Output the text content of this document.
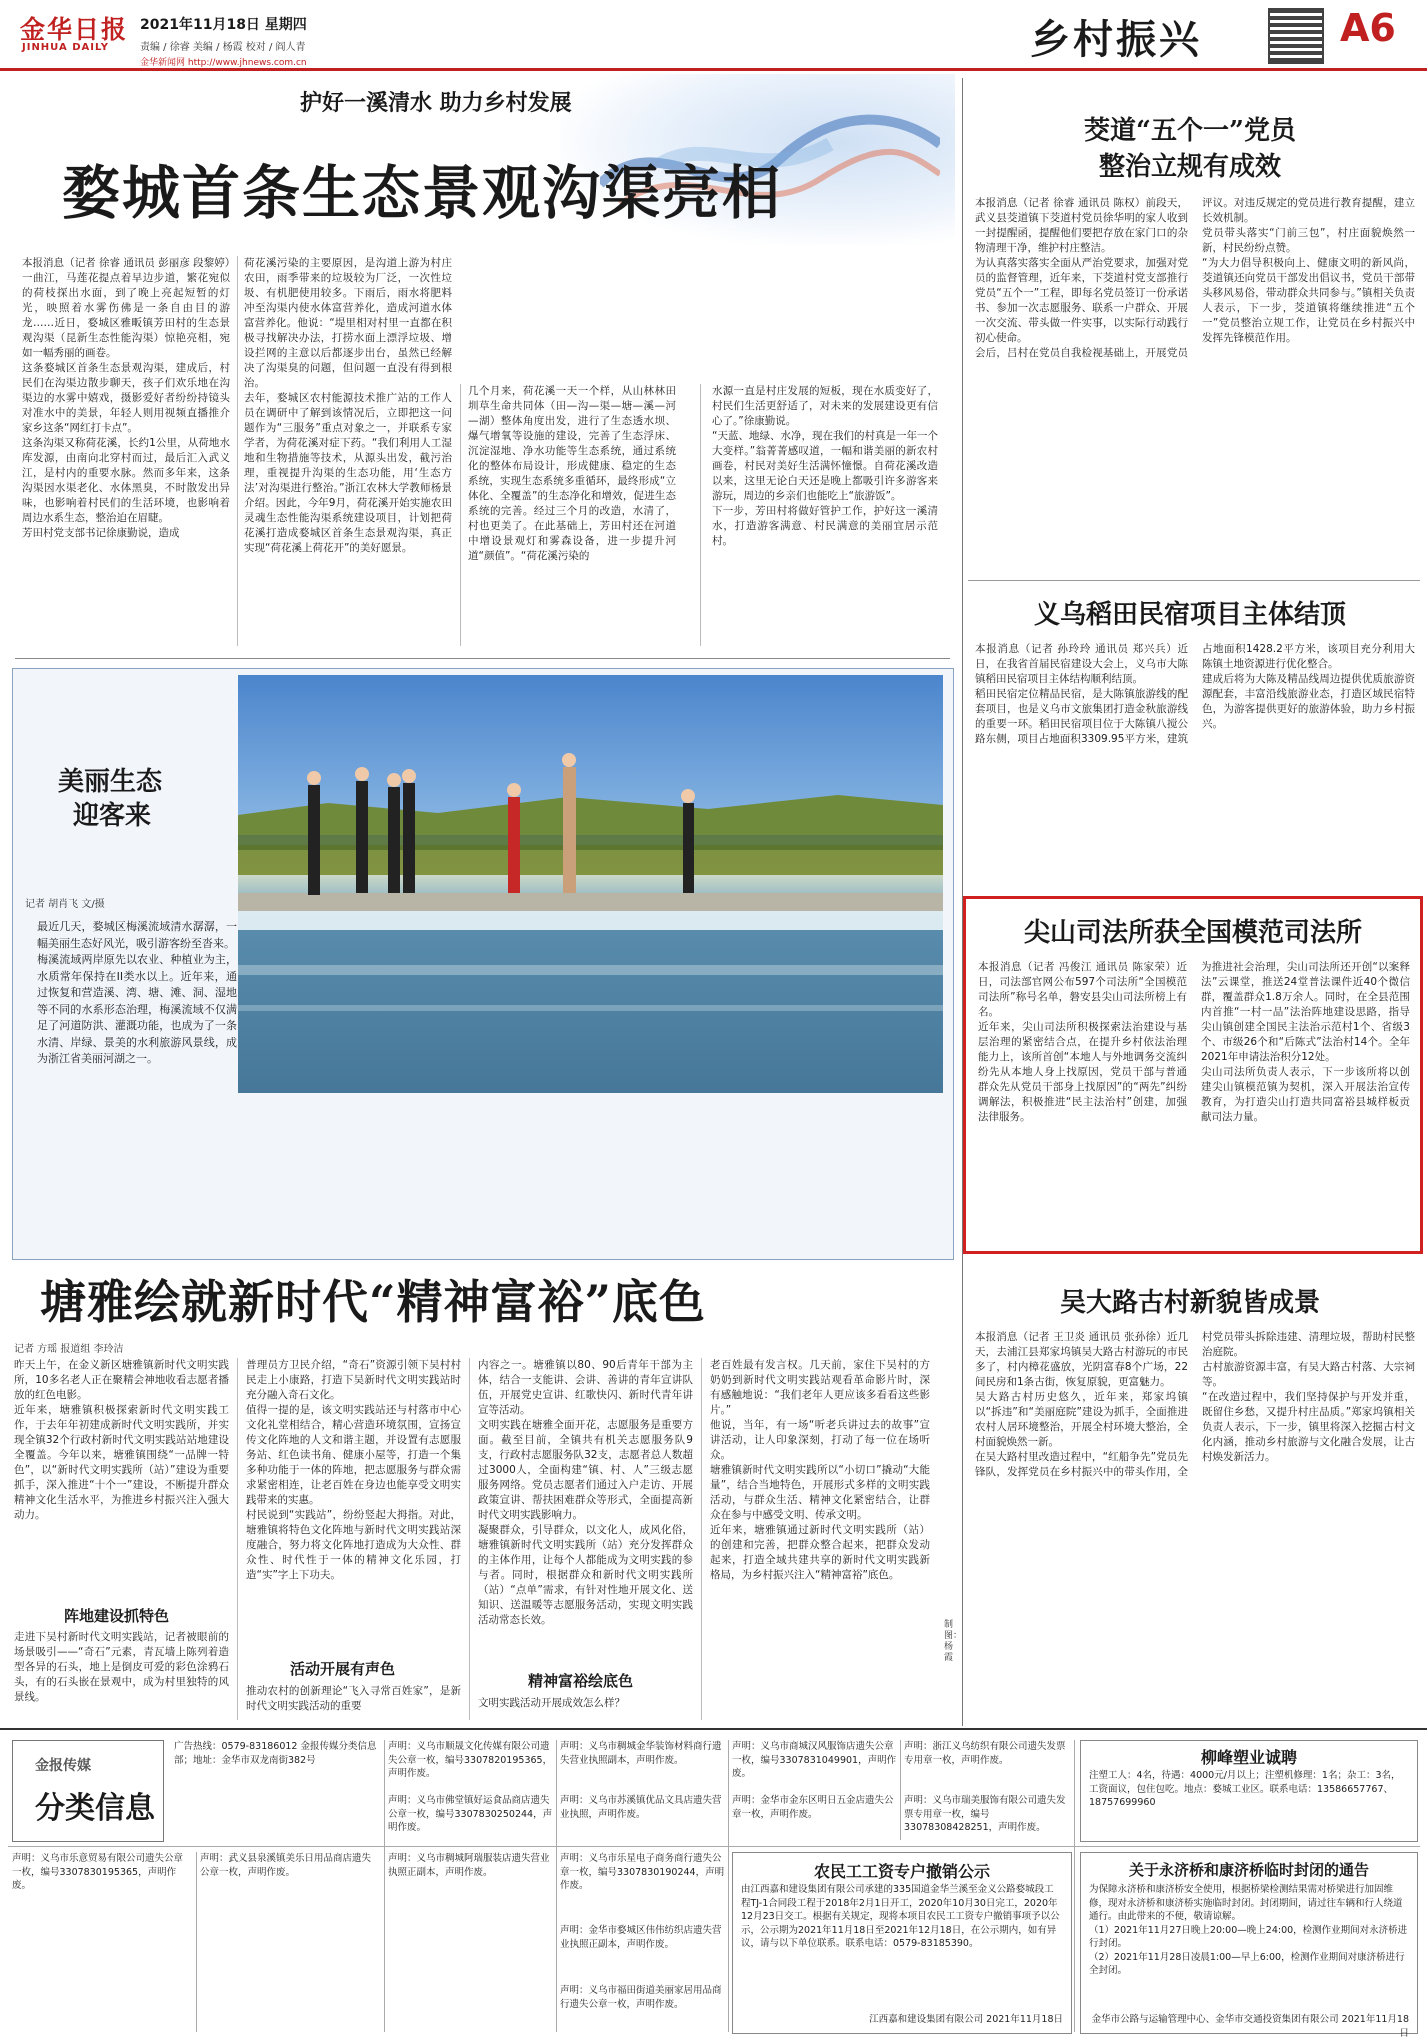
金华日报
JINHUA DAILY
2021年11月18日 星期四
责编 / 徐睿 美编 / 杨霞 校对 / 阎人青
金华新闻网 http://www.jhnews.com.cn	乡村振兴	A6
护好一溪清水 助力乡村发展
婺城首条生态景观沟渠亮相
本报消息（记者 徐睿 通讯员 彭丽彦 段黎婷）一曲江，马莲花提点着早边步道，繁花宛似的荷枝探出水面，到了晚上亮起短暂的灯光，映照着水雾伤佛是一条自由目的游龙……近日，婺城区雅畈镇芳田村的生态景观沟渠（昆新生态性能沟渠）惊艳亮相，宛如一幅秀丽的画卷。
这条婺城区首条生态景观沟渠，建成后，村民们在沟渠边散步聊天，孩子们欢乐地在沟渠边的水雾中嬉戏，摄影爱好者纷纷持镜头对准水中的美景，年轻人则用视频直播推介家乡这条“网红打卡点”。
这条沟渠又称荷花溪，长约1公里，从荷地水库发源，由南向北穿村而过，最后汇入武义江，是村内的重要水脉。然而多年来，这条沟渠因水渠老化、水体黑臭，不时散发出异味，也影响着村民们的生活环境，也影响着周边水系生态，整治迫在眉睫。
芳田村党支部书记徐康勤说，造成
荷花溪污染的主要原因，是沟道上游为村庄农田，雨季带来的垃圾较为厂泛，一次性垃圾、有机肥使用较多。下雨后，雨水将肥料冲至沟渠内使水体富营养化，造成河道水体富营养化。他说：“堤里相对村里一直都在积极寻找解决办法，打捞水面上漂浮垃圾、增设拦网的主意以后都逐步出台，虽然已经解决了沟渠臭的问题，但问题一直没有得到根治。
去年，婺城区农村能源技术推广站的工作人员在调研中了解到该情况后，立即把这一问题作为“三服务”重点对象之一，并联系专家学者，为荷花溪对症下药。“我们利用人工湿地和生物措施等技术，从源头出发，截污治理，重视提升沟渠的生态功能，用‘生态方法’对沟渠进行整治。”浙江农林大学教师杨景介绍。因此，今年9月，荷花溪开始实施农田灵魂生态性能沟渠系统建设项目，计划把荷花溪打造成婺城区首条生态景观沟渠，真正实现“荷花溪上荷花开”的美好愿景。
几个月来，荷花溪一天一个样，从山林林田圳草生命共同体（田—沟—渠—塘—溪—河—湖）整体角度出发，进行了生态透水坝、爆气增氧等设施的建设，完善了生态浮床、沉淀湿地、净水功能等生态系统，通过系统化的整体布局设计，形成健康、稳定的生态系统，实现生态系统多重循环，最终形成“立体化、全覆盖”的生态净化和增效，促进生态系统的完善。经过三个月的改造，水清了，村也更美了。在此基础上，芳田村还在河道中增设景观灯和雾森设备，进一步提升河道“颜值”。“荷花溪污染的
水源一直是村庄发展的短板，现在水质变好了，村民们生活更舒适了，对未来的发展建设更有信心了。”徐康勤说。
“天蓝、地绿、水净，现在我们的村真是一年一个大变样。”翁菁菁感叹道，一幅和谐美丽的新农村画卷，村民对美好生活满怀憧憬。自荷花溪改造以来，这里无论白天还是晚上都吸引许多游客来游玩，周边的乡亲们也能吃上“旅游饭”。
下一步，芳田村将做好管护工作，护好这一溪清水，打造游客满意、村民满意的美丽宜居示范村。
美丽生态
迎客来
记者 胡肖飞 文/摄
最近几天，婺城区梅溪流域清水潺潺，一幅美丽生态好风光，吸引游客纷至沓来。
梅溪流域两岸原先以农业、种植业为主，水质常年保持在II类水以上。近年来，通过恢复和营造溪、湾、塘、滩、洞、湿地等不同的水系形态治理，梅溪流域不仅满足了河道防洪、灌溉功能，也成为了一条水清、岸绿、景美的水利旅游风景线，成为浙江省美丽河湖之一。
塘雅绘就新时代“精神富裕”底色
记者 方瑶 报道组 李玲洁
昨天上午，在金义新区塘雅镇新时代文明实践所，10多名老人正在聚精会神地收看志愿者播放的红色电影。
近年来，塘雅镇积极探索新时代文明实践工作，于去年年初建成新时代文明实践所，并实现全镇32个行政村新时代文明实践站站地建设全覆盖。今年以来，塘雅镇围绕“一品牌一特色”，以“新时代文明实践所（站）”建设为重要抓手，深入推进“十个一”建设，不断提升群众精神文化生活水平，为推进乡村振兴注入强大动力。
阵地建设抓特色
走进下吴村新时代文明实践站，记者被眼前的场景吸引——“奇石”元素，青瓦墙上陈列着造型各异的石头，地上是倒皮可爱的彩色涂鸦石头，有的石头嵌在景观中，成为村里独特的风景线。
普理员方卫民介绍，“奇石”资源引领下吴村村民走上小康路，打造下吴新时代文明实践站时充分融入奇石文化。
值得一提的是，该文明实践站还与村落市中心文化礼堂相结合，精心营造环境氛围，宣扬宣传文化阵地的人文和谐主题，并设置有志愿服务站、红色读书角、健康小屋等，打造一个集多种功能于一体的阵地，把志愿服务与群众需求紧密相连，让老百姓在身边也能享受文明实践带来的实惠。
村民说到“实践站”，纷纷竖起大拇指。对此，塘雅镇将特色文化阵地与新时代文明实践站深度融合，努力将文化阵地打造成为大众性、群众性、时代性于一体的精神文化乐园，打造“实”字上下功夫。
活动开展有声色
推动农村的创新理论“飞入寻常百姓家”，是新时代文明实践活动的重要
内容之一。塘雅镇以80、90后青年干部为主体，结合一支能讲、会讲、善讲的青年宣讲队伍，开展党史宣讲、红歌快闪、新时代青年讲宣等活动。
文明实践在塘雅全面开花，志愿服务是重要方面。截至目前，全镇共有机关志愿服务队9支，行政村志愿服务队32支，志愿者总人数超过3000人，全面构建“镇、村、人”三级志愿服务网络。党员志愿者们通过入户走访、开展政策宣讲、帮扶困难群众等形式，全面提高新时代文明实践影响力。
凝聚群众，引导群众，以文化人，成风化俗，塘雅镇新时代文明实践所（站）充分发挥群众的主体作用，让每个人都能成为文明实践的参与者。同时，根据群众和新时代文明实践所（站）“点单”需求，有针对性地开展文化、送知识、送温暖等志愿服务活动，实现文明实践活动常态长效。
精神富裕绘底色
文明实践活动开展成效怎么样？
老百姓最有发言权。几天前，家住下吴村的方奶奶到新时代文明实践站观看革命影片时，深有感触地说：“我们老年人更应该多看看这些影片。”
他说，当年，有一场“听老兵讲过去的故事”宣讲活动，让人印象深刻，打动了每一位在场听众。
塘雅镇新时代文明实践所以“小切口”撬动“大能量”，结合当地特色，开展形式多样的文明实践活动，与群众生活、精神文化紧密结合，让群众在参与中感受文明、传承文明。
近年来，塘雅镇通过新时代文明实践所（站）的创建和完善，把群众整合起来，把群众发动起来，打造全域共建共享的新时代文明实践新格局，为乡村振兴注入“精神富裕”底色。
茭道“五个一”党员
整治立规有成效
本报消息（记者 徐睿 通讯员 陈权）前段天，武义县茭道镇下茭道村党员徐华明的家人收到一封提醒函，提醒他们要把存放在家门口的杂物清理干净，维护村庄整洁。
为认真落实落实全面从严治党要求，加强对党员的监督管理，近年来，下茭道村党支部推行党员“五个一”工程，即每名党员签订一份承诺书、参加一次志愿服务、联系一户群众、开展一次交流、带头做一件实事，以实际行动践行初心使命。
会后，吕村在党员自我检视基础上，开展党员评议。对违反规定的党员进行教育提醒，建立长效机制。
党员带头落实“门前三包”，村庄面貌焕然一新，村民纷纷点赞。
“为大力倡导积极向上、健康文明的新风尚，茭道镇还向党员干部发出倡议书，党员干部带头移风易俗，带动群众共同参与。”镇相关负责人表示，下一步，茭道镇将继续推进“五个一”党员整治立规工作，让党员在乡村振兴中发挥先锋模范作用。
义乌稻田民宿项目主体结顶
本报消息（记者 孙玲玲 通讯员 郑兴兵）近日，在我省首届民宿建设大会上，义乌市大陈镇稻田民宿项目主体结构顺利结顶。
稻田民宿定位精品民宿，是大陈镇旅游线的配套项目，也是义乌市文旅集团打造金秋旅游线的重要一环。稻田民宿项目位于大陈镇八搅公路东侧，项目占地面积3309.95平方米，建筑占地面积1428.2平方米，该项目充分利用大陈镇土地资源进行优化整合。
建成后将为大陈及精品线周边提供优质旅游资源配套，丰富沿线旅游业态，打造区域民宿特色，为游客提供更好的旅游体验，助力乡村振兴。
尖山司法所获全国模范司法所
本报消息（记者 冯俊江 通讯员 陈家荣）近日，司法部官网公布597个司法所“全国模范司法所”称号名单，磐安县尖山司法所榜上有名。
近年来，尖山司法所积极探索法治建设与基层治理的紧密结合点，在提升乡村依法治理能力上，该所首创“本地人与外地调务交流纠纷先从本地人身上找原因，党员干部与普通群众先从党员干部身上找原因”的“两先”纠纷调解法，积极推进“民主法治村”创建，加强法律服务。
为推进社会治理，尖山司法所还开创“以案释法”云课堂，推送24堂普法课件近40个微信群，覆盖群众1.8万余人。同时，在全县范围内首推“一村一品”法治阵地建设思路，指导尖山镇创建全国民主法治示范村1个、省级3个、市级26个和“后陈式”法治村14个。全年2021年申请法治积分12处。
尖山司法所负责人表示，下一步该所将以创建尖山镇模范镇为契机，深入开展法治宣传教育，为打造尖山打造共同富裕县城样板贡献司法力量。
吴大路古村新貌皆成景
本报消息（记者 王卫炎 通讯员 张孙徐）近几天，去浦江县郑家坞镇吴大路古村游玩的市民多了，村内樟花盛放，光阴富春8个广场，22间民房和1条古街，恢复原貌，更富魅力。
吴大路古村历史悠久，近年来，郑家坞镇以“拆违”和“美丽庭院”建设为抓手，全面推进农村人居环境整治，开展全村环境大整治，全村面貌焕然一新。
在吴大路村里改造过程中，“红船争先”党员先锋队，发挥党员在乡村振兴中的带头作用，全村党员带头拆除违建、清理垃圾，帮助村民整治庭院。
古村旅游资源丰富，有吴大路古村落、大宗祠等。
“在改造过程中，我们坚持保护与开发并重，既留住乡愁，又提升村庄品质。”郑家坞镇相关负责人表示，下一步，镇里将深入挖掘古村文化内涵，推动乡村旅游与文化融合发展，让古村焕发新活力。
制图：杨霞
金报传媒
分类信息
广告热线：0579-83186012 金报传媒分类信息部；地址：金华市双龙南街382号
声明：义乌市顺晟文化传媒有限公司遗失公章一枚，编号3307820195365，声明作废。
声明：义乌市稠城金华装饰材料商行遗失营业执照副本，声明作废。
声明：义乌市商城汉风服饰店遗失公章一枚，编号3307831049901，声明作废。
声明：浙江义乌纺织有限公司遗失发票专用章一枚，声明作废。
声明：义乌市乐意贸易有限公司遗失公章一枚，编号3307830195365，声明作废。
声明：武义县泉溪镇美乐日用品商店遗失公章一枚，声明作废。
声明：义乌市稠城阿瑞服装店遗失营业执照正副本，声明作废。
声明：义乌市乐星电子商务商行遗失公章一枚，编号3307830190244，声明作废。
声明：义乌市瑞美服饰有限公司遗失发票专用章一枚，编号33078308428251，声明作废。
声明：金华市婺城区伟伟纺织店遗失营业执照正副本，声明作废。
声明：义乌市福田街道美丽家居用品商行遗失公章一枚，声明作废。
声明：金华市金东区明日五金店遗失公章一枚，声明作废。
声明：义乌市佛堂镇好运食品商店遗失公章一枚，编号3307830250244，声明作废。
声明：义乌市苏溪镇优品文具店遗失营业执照，声明作废。
柳峰塑业诚聘
注塑工人：4名，待遇：4000元/月以上；注塑机修理：1名；杂工：3名，工资面议，包住包吃。地点：婺城工业区。联系电话：13586657767、18757699960
农民工工资专户撤销公示
由江西嘉和建设集团有限公司承建的335国道金华兰溪至金义公路婺城段工程TJ-1合同段工程于2018年2月1日开工，2020年10月30日完工，2020年12月23日交工。根据有关规定，现将本项目农民工工资专户撤销事项予以公示，公示期为2021年11月18日至2021年12月18日，在公示期内，如有异议，请与以下单位联系。联系电话：0579-83185390。
江西嘉和建设集团有限公司 2021年11月18日
关于永济桥和康济桥临时封闭的通告
为保障永济桥和康济桥安全使用，根据桥梁检测结果需对桥梁进行加固维修，现对永济桥和康济桥实施临时封闭。封闭期间，请过往车辆和行人绕道通行。由此带来的不便，敬请谅解。
（1）2021年11月27日晚上20:00—晚上24:00，检测作业期间对永济桥进行封闭。
（2）2021年11月28日凌晨1:00—早上6:00，检测作业期间对康济桥进行全封闭。
金华市公路与运输管理中心、金华市交通投资集团有限公司 2021年11月18日
